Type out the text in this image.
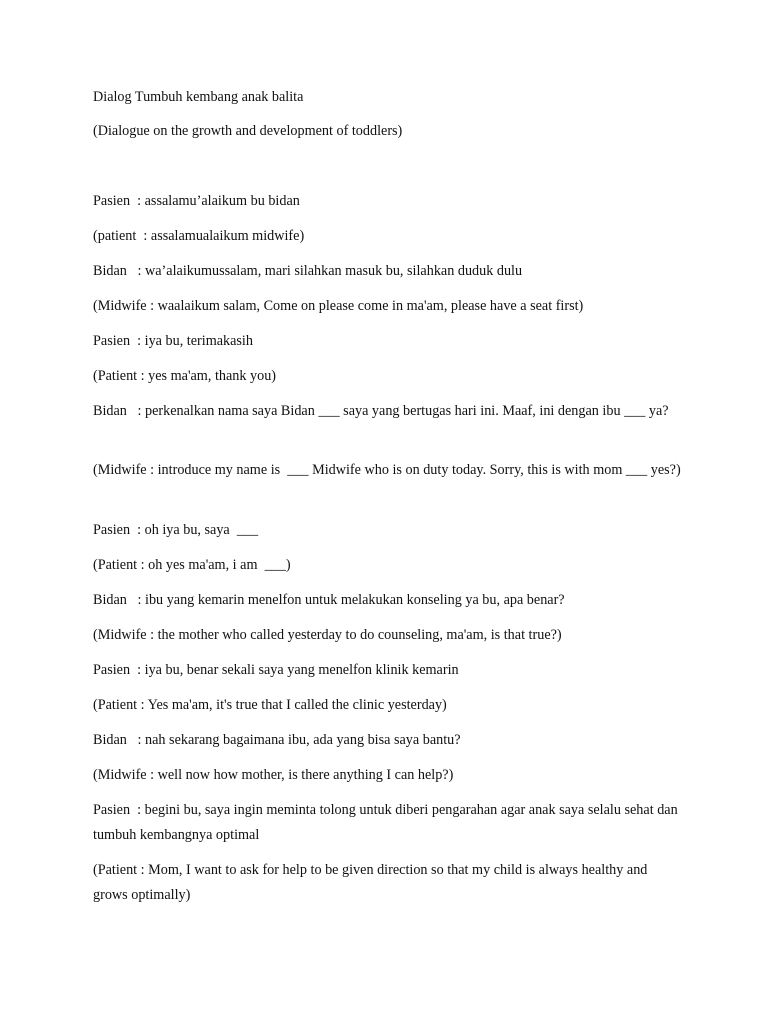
Dialog Tumbuh kembang anak balita
(Dialogue on the growth and development of toddlers)
Pasien  : assalamu’alaikum bu bidan
(patient  : assalamualaikum midwife)
Bidan   : wa’alaikumussalam, mari silahkan masuk bu, silahkan duduk dulu
(Midwife : waalaikum salam, Come on please come in ma'am, please have a seat first)
Pasien  : iya bu, terimakasih
(Patient : yes ma'am, thank you)
Bidan   : perkenalkan nama saya Bidan ___ saya yang bertugas hari ini. Maaf, ini dengan ibu ___ ya?
(Midwife : introduce my name is  ___ Midwife who is on duty today. Sorry, this is with mom ___ yes?)
Pasien  : oh iya bu, saya  ___
(Patient : oh yes ma'am, i am  ___)
Bidan   : ibu yang kemarin menelfon untuk melakukan konseling ya bu, apa benar?
(Midwife : the mother who called yesterday to do counseling, ma'am, is that true?)
Pasien  : iya bu, benar sekali saya yang menelfon klinik kemarin
(Patient : Yes ma'am, it's true that I called the clinic yesterday)
Bidan   : nah sekarang bagaimana ibu, ada yang bisa saya bantu?
(Midwife : well now how mother, is there anything I can help?)
Pasien  : begini bu, saya ingin meminta tolong untuk diberi pengarahan agar anak saya selalu sehat dan tumbuh kembangnya optimal
(Patient : Mom, I want to ask for help to be given direction so that my child is always healthy and grows optimally)
